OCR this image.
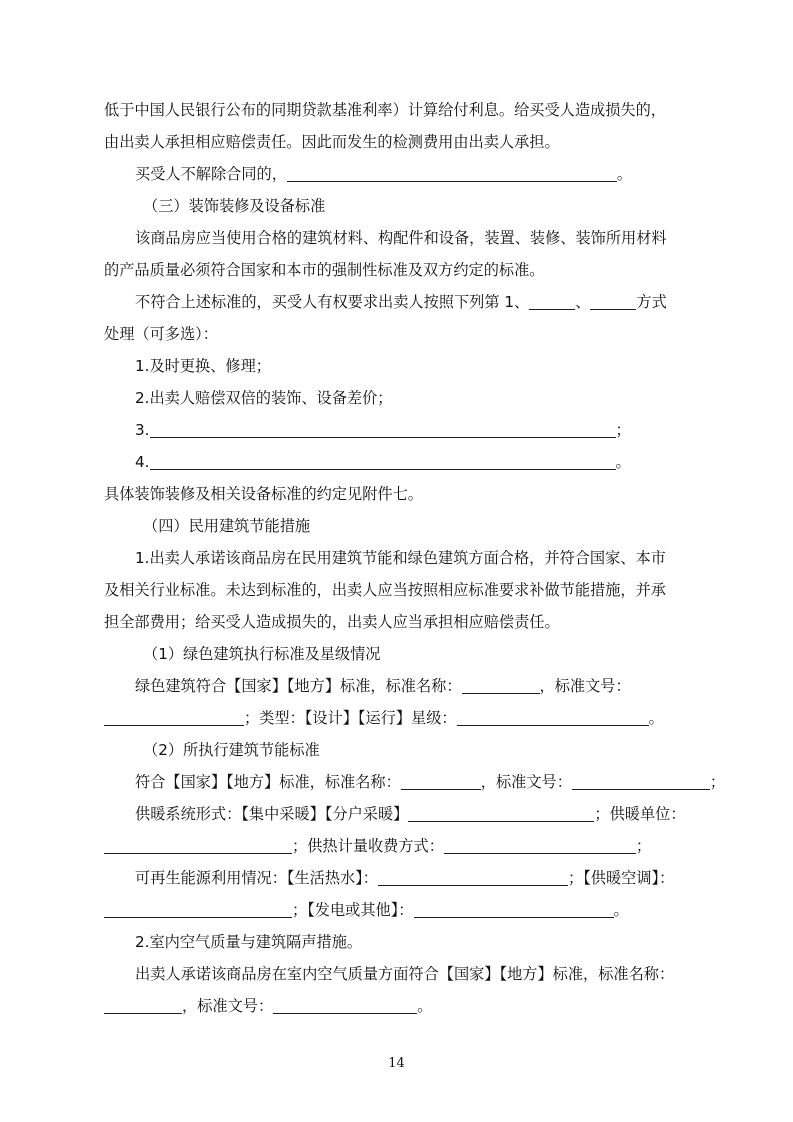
低于中国人民银行公布的同期贷款基准利率）计算给付利息。给买受人造成损失的，
由出卖人承担相应赔偿责任。因此而发生的检测费用由出卖人承担。
买受人不解除合同的，	。
（三）装饰装修及设备标准
该商品房应当使用合格的建筑材料、构配件和设备，装置、装修、装饰所用材料
的产品质量必须符合国家和本市的强制性标准及双方约定的标准。
不符合上述标准的，买受人有权要求出卖人按照下列第 1、	、	方式
处理（可多选）：
1.及时更换、修理；
2.出卖人赔偿双倍的装饰、设备差价；
3.	；
4.	。
具体装饰装修及相关设备标准的约定见附件七。
（四）民用建筑节能措施
1.出卖人承诺该商品房在民用建筑节能和绿色建筑方面合格，并符合国家、本市
及相关行业标准。未达到标准的，出卖人应当按照相应标准要求补做节能措施，并承
担全部费用；给买受人造成损失的，出卖人应当承担相应赔偿责任。
（1）绿色建筑执行标准及星级情况
绿色建筑符合【国家】【地方】标准，标准名称：	，标准文号：
；类型：【设计】【运行】星级：	。
（2）所执行建筑节能标准
符合【国家】【地方】标准，标准名称：	，标准文号：	；
供暖系统形式：【集中采暖】【分户采暖】	；供暖单位：
；供热计量收费方式：	；
可再生能源利用情况：【生活热水】：	；【供暖空调】：
；【发电或其他】：	。
2.室内空气质量与建筑隔声措施。
出卖人承诺该商品房在室内空气质量方面符合【国家】【地方】标准，标准名称：
，标准文号：	。
14
